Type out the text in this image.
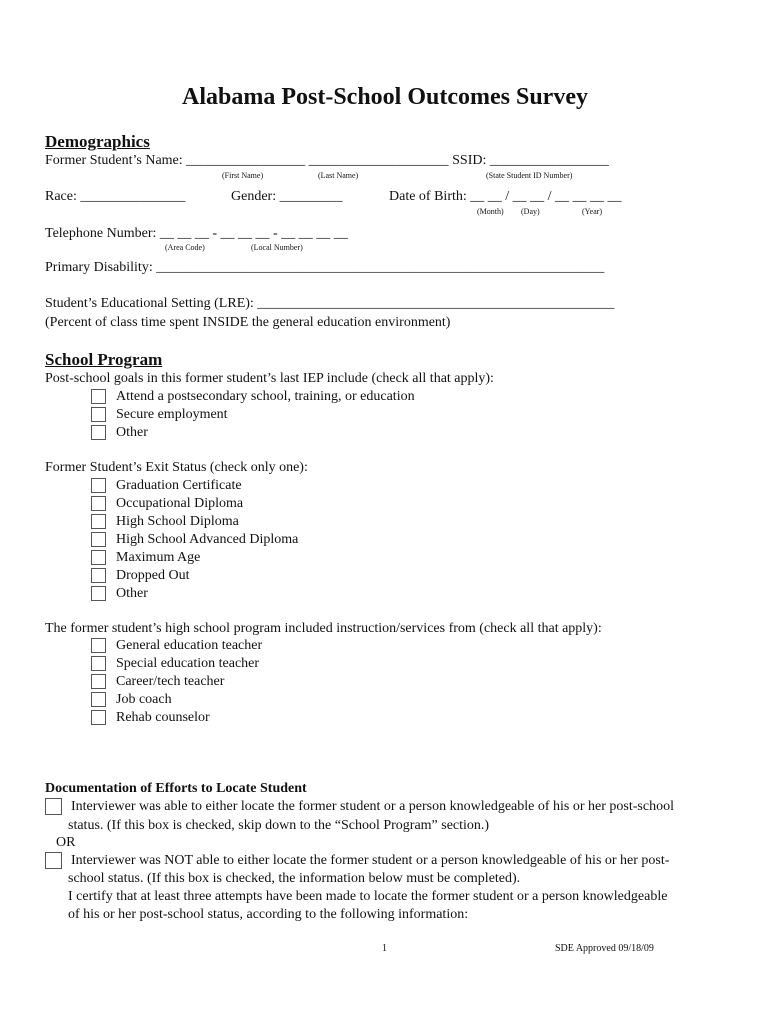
Alabama Post-School Outcomes Survey
Demographics
Former Student’s Name: _________________ ____________________ SSID: _________________
(First Name)	(Last Name)	(State Student ID Number)
Race: _______________	Gender: _________	Date of Birth: __ __ / __ __ / __ __ __ __
(Month) (Day)	(Year)
Telephone Number: __ __ __ - __ __ __ - __ __ __ __
(Area Code)	(Local Number)
Primary Disability: ________________________________________________________________
Student’s Educational Setting (LRE): ___________________________________________________
(Percent of class time spent INSIDE the general education environment)
School Program
Post-school goals in this former student’s last IEP include (check all that apply):
Attend a postsecondary school, training, or education
Secure employment
Other
Former Student’s Exit Status (check only one):
Graduation Certificate
Occupational Diploma
High School Diploma
High School Advanced Diploma
Maximum Age
Dropped Out
Other
The former student’s high school program included instruction/services from (check all that apply):
General education teacher
Special education teacher
Career/tech teacher
Job coach
Rehab counselor
Documentation of Efforts to Locate Student
Interviewer was able to either locate the former student or a person knowledgeable of his or her post-school
status. (If this box is checked, skip down to the “School Program” section.)
OR
Interviewer was NOT able to either locate the former student or a person knowledgeable of his or her post-
school status. (If this box is checked, the information below must be completed).
I certify that at least three attempts have been made to locate the former student or a person knowledgeable
of his or her post-school status, according to the following information:
1	SDE Approved 09/18/09
